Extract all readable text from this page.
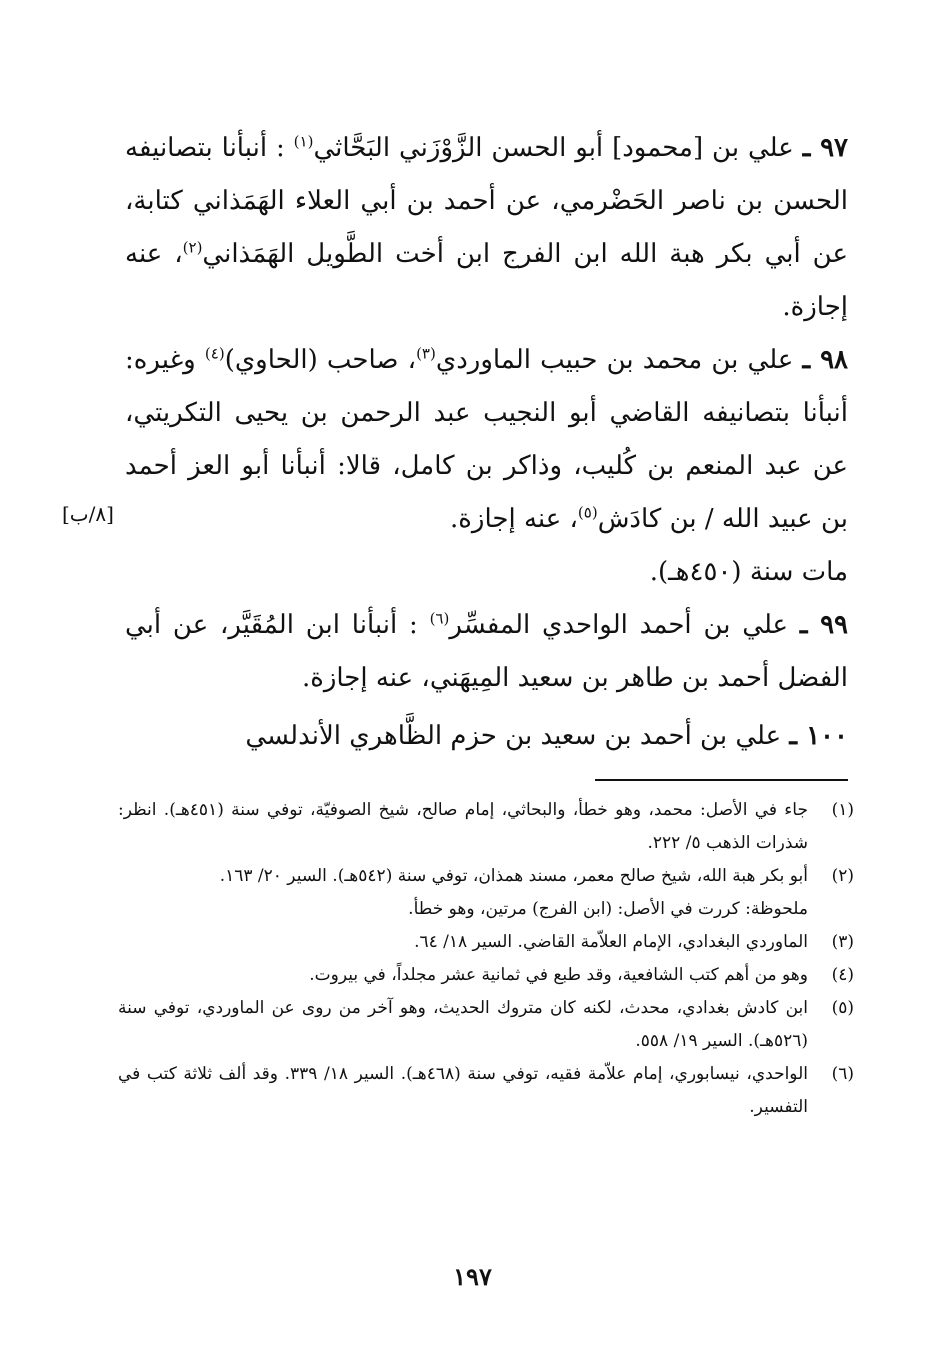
٩٧ ـ علي بن [محمود] أبو الحسن الزَّوْزَني البَحَّاثي$^{(١)}$ : أنبأنا بتصانيفه الحسن بن ناصر الحَضْرمي، عن أحمد بن أبي العلاء الهَمَذاني كتابة، عن أبي بكر هبة الله ابن الفرج ابن أخت الطَّويل الهَمَذاني$^{(٢)}$، عنه إجازة.
٩٨ ـ علي بن محمد بن حبيب الماوردي$^{(٣)}$، صاحب (الحاوي)$^{(٤)}$ وغيره: أنبأنا بتصانيفه القاضي أبو النجيب عبد الرحمن بن يحيى التكريتي، عن عبد المنعم بن كُليب، وذاكر بن كامل، قالا: أنبأنا أبو العز أحمد بن عبيد الله / بن كادَش$^{(٥)}$، عنه إجازة.
مات سنة (٤٥٠هـ).
[٨/ب]
٩٩ ـ علي بن أحمد الواحدي المفسِّر$^{(٦)}$ : أنبأنا ابن المُقَيَّر، عن أبي الفضل أحمد بن طاهر بن سعيد المِيهَني، عنه إجازة.
١٠٠ ـ علي بن أحمد بن سعيد بن حزم الظَّاهري الأندلسي
(١)
جاء في الأصل: محمد، وهو خطأ، والبحاثي، إمام صالح، شيخ الصوفيّة، توفي سنة (٤٥١هـ). انظر: شذرات الذهب ٥/ ٢٢٢.
(٢)
أبو بكر هبة الله، شيخ صالح معمر، مسند همذان، توفي سنة (٥٤٢هـ). السير ٢٠/ ١٦٣.
ملحوظة: كررت في الأصل: (ابن الفرج) مرتين، وهو خطأ.
(٣)
الماوردي البغدادي، الإمام العلاّمة القاضي. السير ١٨/ ٦٤.
(٤)
وهو من أهم كتب الشافعية، وقد طبع في ثمانية عشر مجلداً، في بيروت.
(٥)
ابن كادش بغدادي، محدث، لكنه كان متروك الحديث، وهو آخر من روى عن الماوردي، توفي سنة (٥٢٦هـ). السير ١٩/ ٥٥٨.
(٦)
الواحدي، نيسابوري، إمام علاّمة فقيه، توفي سنة (٤٦٨هـ). السير ١٨/ ٣٣٩. وقد ألف ثلاثة كتب في التفسير.
١٩٧
